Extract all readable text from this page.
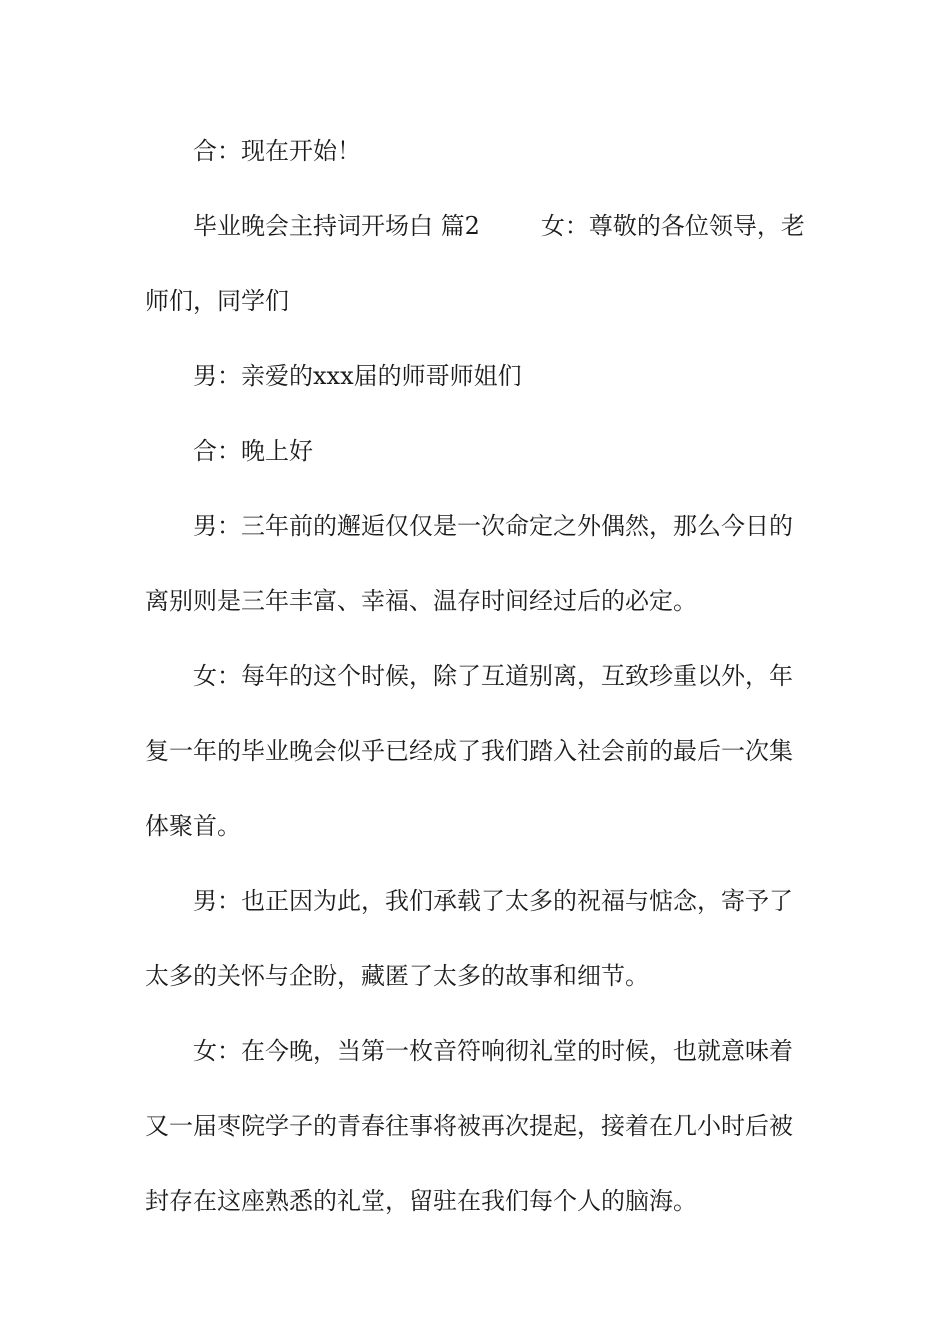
合：现在开始！

毕业晚会主持词开场白 篇2        女：尊敬的各位领导，老

师们，同学们

男：亲爱的xxx届的师哥师姐们

合：晚上好

男：三年前的邂逅仅仅是一次命定之外偶然，那么今日的

离别则是三年丰富、幸福、温存时间经过后的必定。

女：每年的这个时候，除了互道别离，互致珍重以外，年

复一年的毕业晚会似乎已经成了我们踏入社会前的最后一次集

体聚首。

男：也正因为此，我们承载了太多的祝福与惦念，寄予了

太多的关怀与企盼，藏匿了太多的故事和细节。

女：在今晚，当第一枚音符响彻礼堂的时候，也就意味着

又一届枣院学子的青春往事将被再次提起，接着在几小时后被

封存在这座熟悉的礼堂，留驻在我们每个人的脑海。
